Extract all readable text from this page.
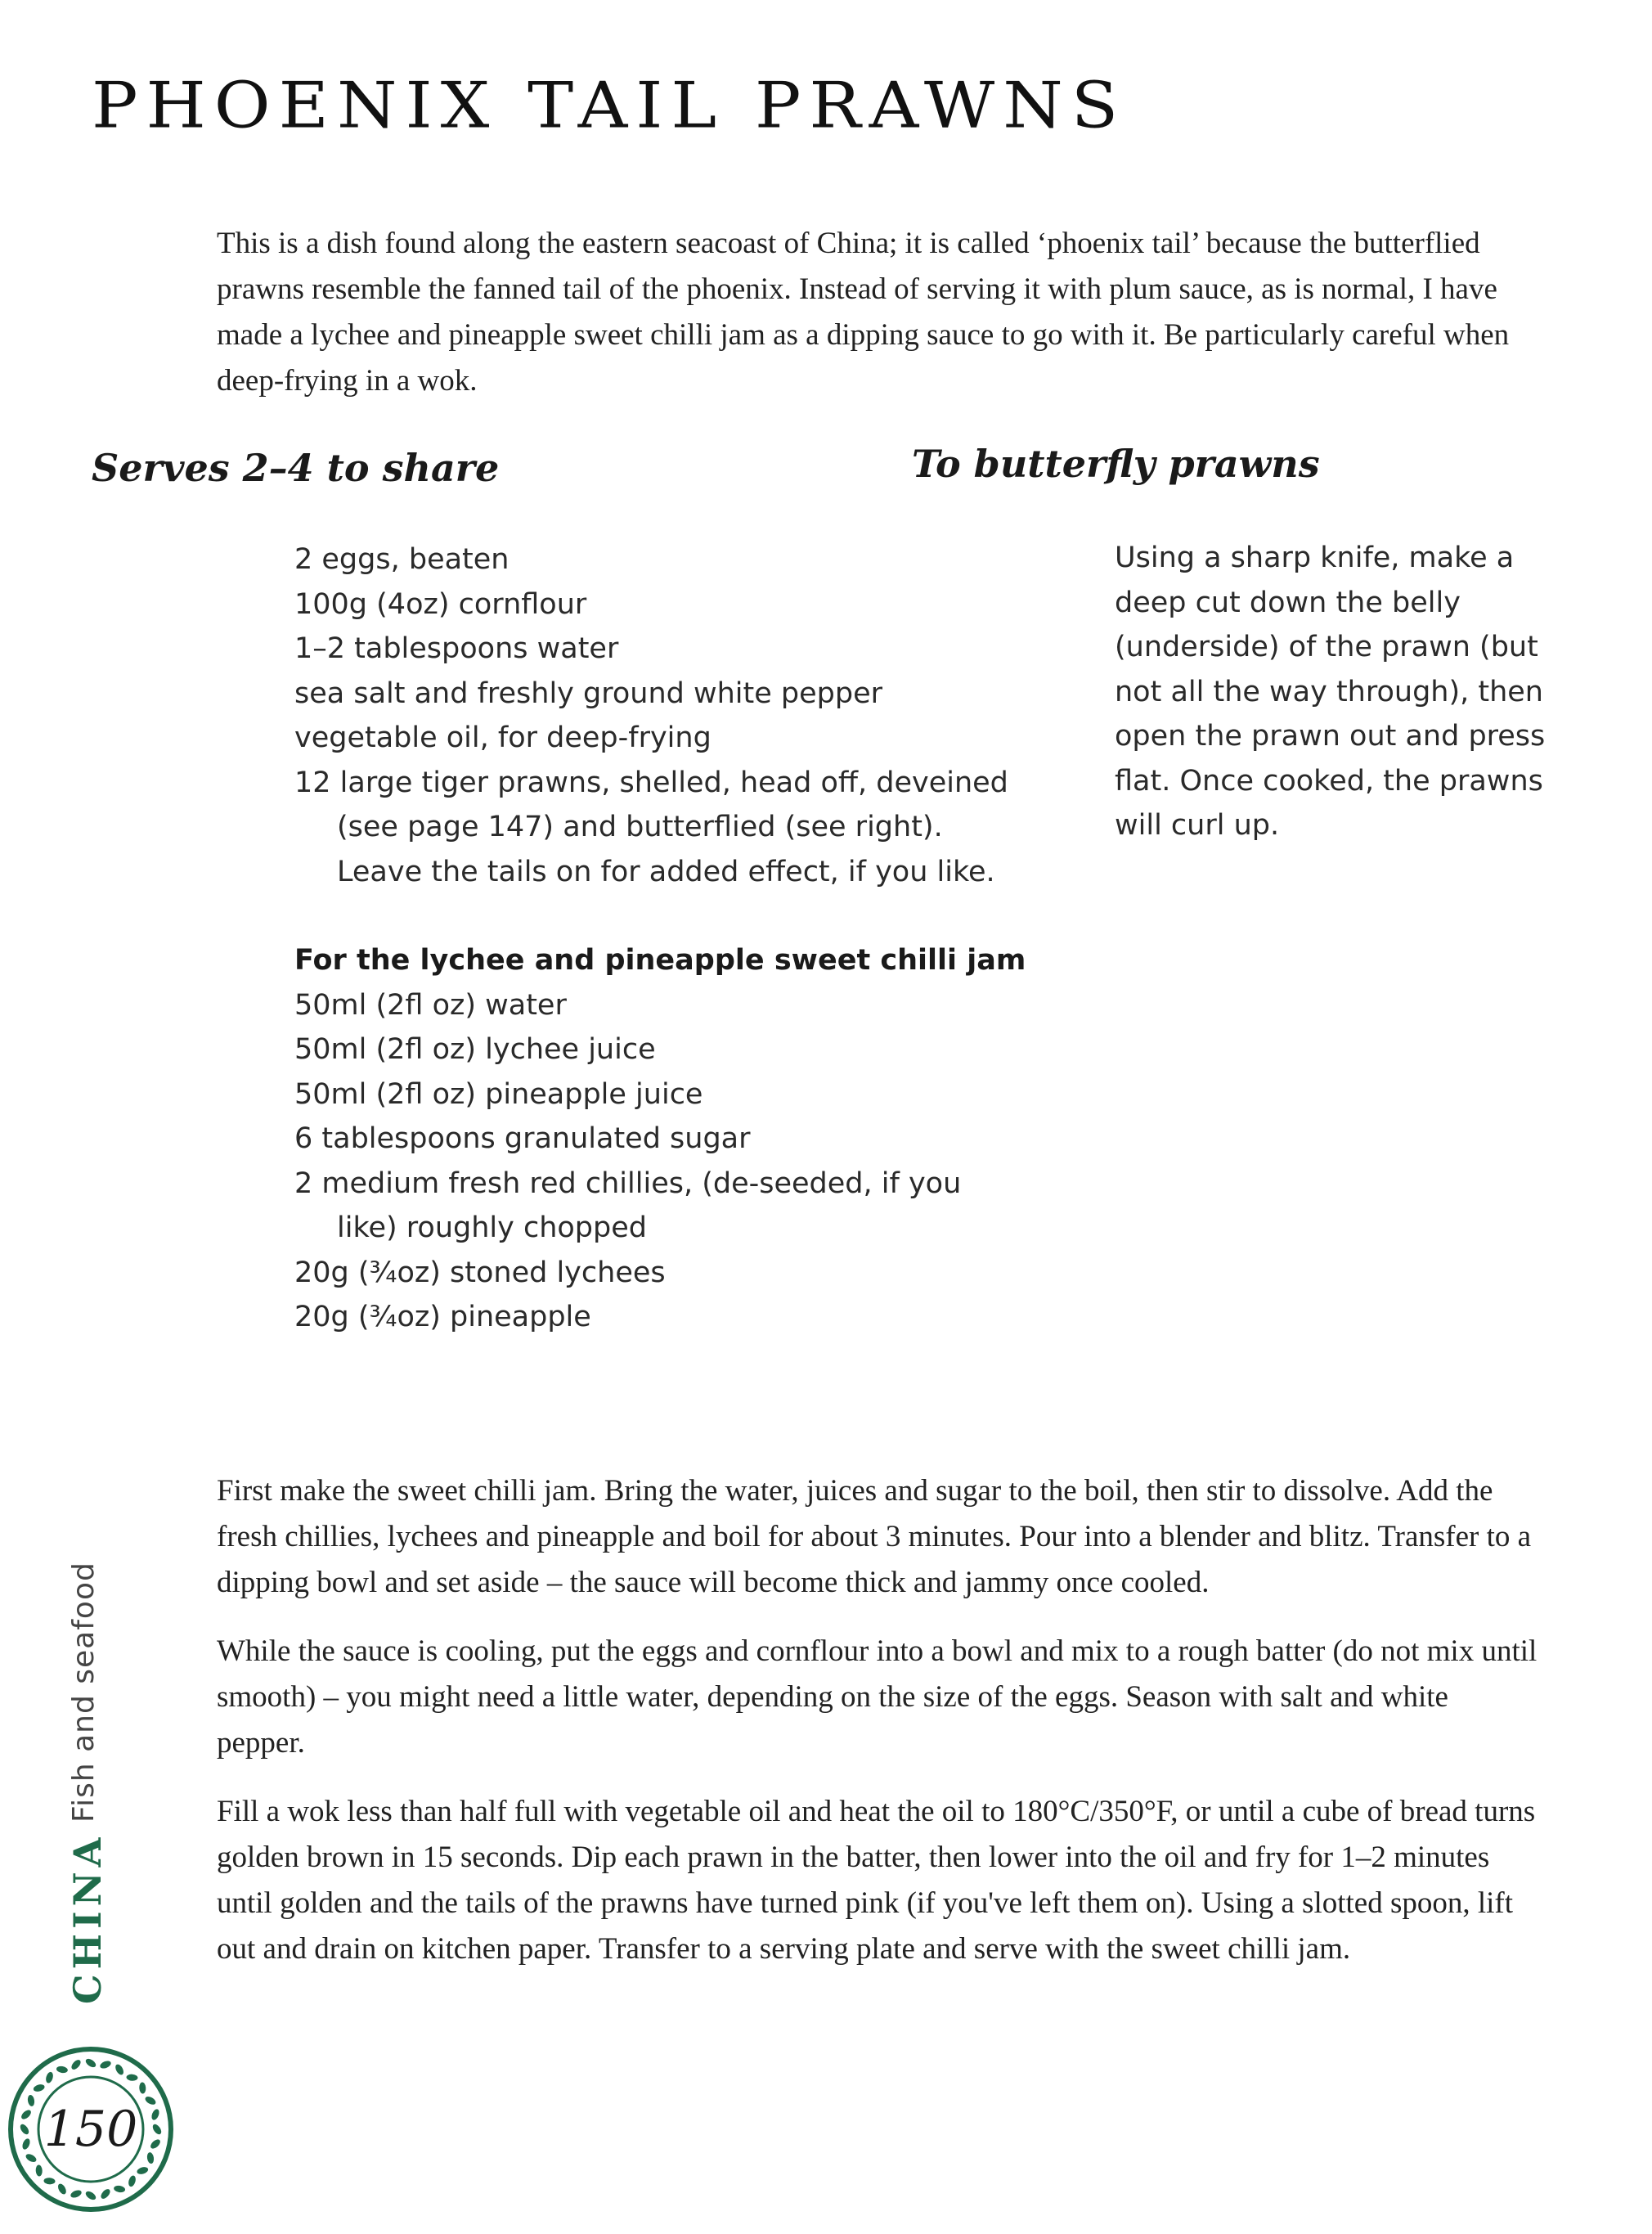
PHOENIX TAIL PRAWNS

This is a dish found along the eastern seacoast of China; it is called ‘phoenix tail’ because the butterflied prawns resemble the fanned tail of the phoenix. Instead of serving it with plum sauce, as is normal, I have made a lychee and pineapple sweet chilli jam as a dipping sauce to go with it. Be particularly careful when deep-frying in a wok.

Serves 2–4 to share	To butterfly prawns
2 eggs, beaten
100g (4oz) cornflour
1–2 tablespoons water
sea salt and freshly ground white pepper
vegetable oil, for deep-frying
12 large tiger prawns, shelled, head off, deveined (see page 147) and butterflied (see right). Leave the tails on for added effect, if you like.
For the lychee and pineapple sweet chilli jam
50ml (2fl oz) water
50ml (2fl oz) lychee juice
50ml (2fl oz) pineapple juice
6 tablespoons granulated sugar
2 medium fresh red chillies, (de-seeded, if you like) roughly chopped
20g (¾oz) stoned lychees
20g (¾oz) pineapple

Using a sharp knife, make a deep cut down the belly (underside) of the prawn (but not all the way through), then open the prawn out and press flat. Once cooked, the prawns will curl up.

First make the sweet chilli jam. Bring the water, juices and sugar to the boil, then stir to dissolve. Add the fresh chillies, lychees and pineapple and boil for about 3 minutes. Pour into a blender and blitz. Transfer to a dipping bowl and set aside – the sauce will become thick and jammy once cooled.

While the sauce is cooling, put the eggs and cornflour into a bowl and mix to a rough batter (do not mix until smooth) – you might need a little water, depending on the size of the eggs. Season with salt and white pepper.

Fill a wok less than half full with vegetable oil and heat the oil to 180°C/350°F, or until a cube of bread turns golden brown in 15 seconds. Dip each prawn in the batter, then lower into the oil and fry for 1–2 minutes until golden and the tails of the prawns have turned pink (if you've left them on). Using a slotted spoon, lift out and drain on kitchen paper. Transfer to a serving plate and serve with the sweet chilli jam.

Fish and seafood
CHINA
150
